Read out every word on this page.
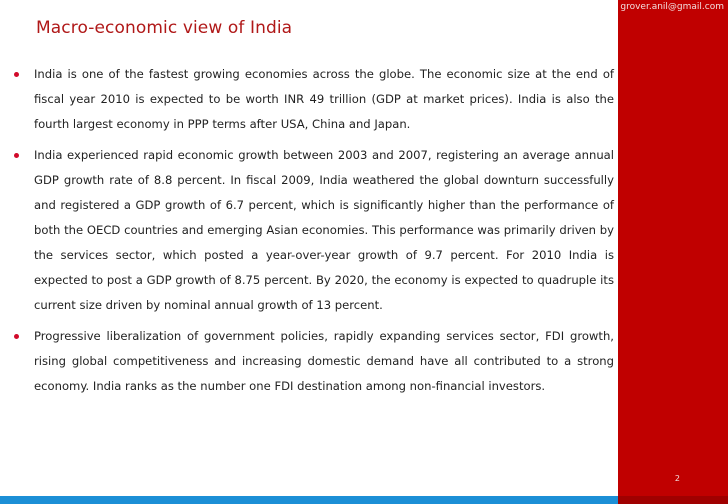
grover.anil@gmail.com
2
Macro-economic view of India
India is one of the fastest growing economies across the globe. The economic size at the end of fiscal year 2010 is expected to be worth INR 49 trillion (GDP at market prices). India is also the fourth largest economy in PPP terms after USA, China and Japan.
India experienced rapid economic growth between 2003 and 2007, registering an average annual GDP growth rate of 8.8 percent. In fiscal 2009, India weathered the global downturn successfully and registered a GDP growth of 6.7 percent, which is significantly higher than the performance of both the OECD countries and emerging Asian economies. This performance was primarily driven by the services sector, which posted a year-over-year growth of 9.7 percent. For 2010 India is expected to post a GDP growth of 8.75 percent. By 2020, the economy is expected to quadruple its current size driven by nominal annual growth of 13 percent.
Progressive liberalization of government policies, rapidly expanding services sector, FDI growth, rising global competitiveness and increasing domestic demand have all contributed to a strong economy. India ranks as the number one FDI destination among non-financial investors.
